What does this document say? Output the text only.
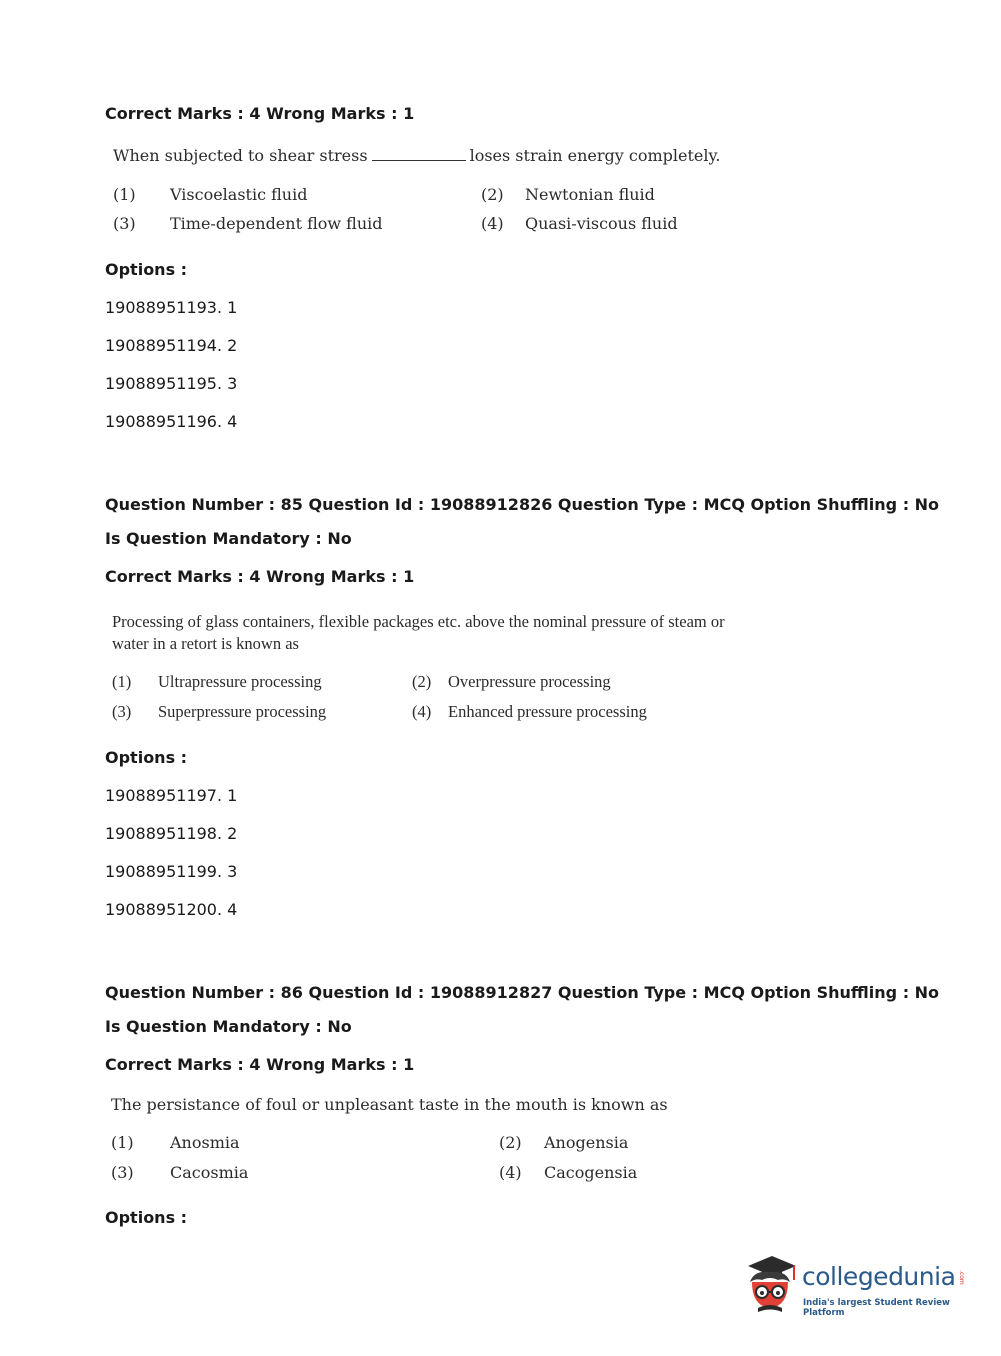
Correct Marks : 4 Wrong Marks : 1
When subjected to shear stress	loses strain energy completely.
(1) Viscoelastic fluid	(2) Newtonian fluid
(3) Time-dependent flow fluid	(4) Quasi-viscous fluid
Options :
19088951193. 1
19088951194. 2
19088951195. 3
19088951196. 4
Question Number : 85 Question Id : 19088912826 Question Type : MCQ Option Shuffling : No
Is Question Mandatory : No
Correct Marks : 4 Wrong Marks : 1
Processing of glass containers, flexible packages etc. above the nominal pressure of steam or
water in a retort is known as
(1) Ultrapressure processing	(2) Overpressure processing
(3) Superpressure processing	(4) Enhanced pressure processing
Options :
19088951197. 1
19088951198. 2
19088951199. 3
19088951200. 4
Question Number : 86 Question Id : 19088912827 Question Type : MCQ Option Shuffling : No
Is Question Mandatory : No
Correct Marks : 4 Wrong Marks : 1
The persistance of foul or unpleasant taste in the mouth is known as
(1) Anosmia	(2) Anogensia
(3) Cacosmia	(4) Cacogensia
Options :
collegedunia .com
India's largest Student Review Platform
